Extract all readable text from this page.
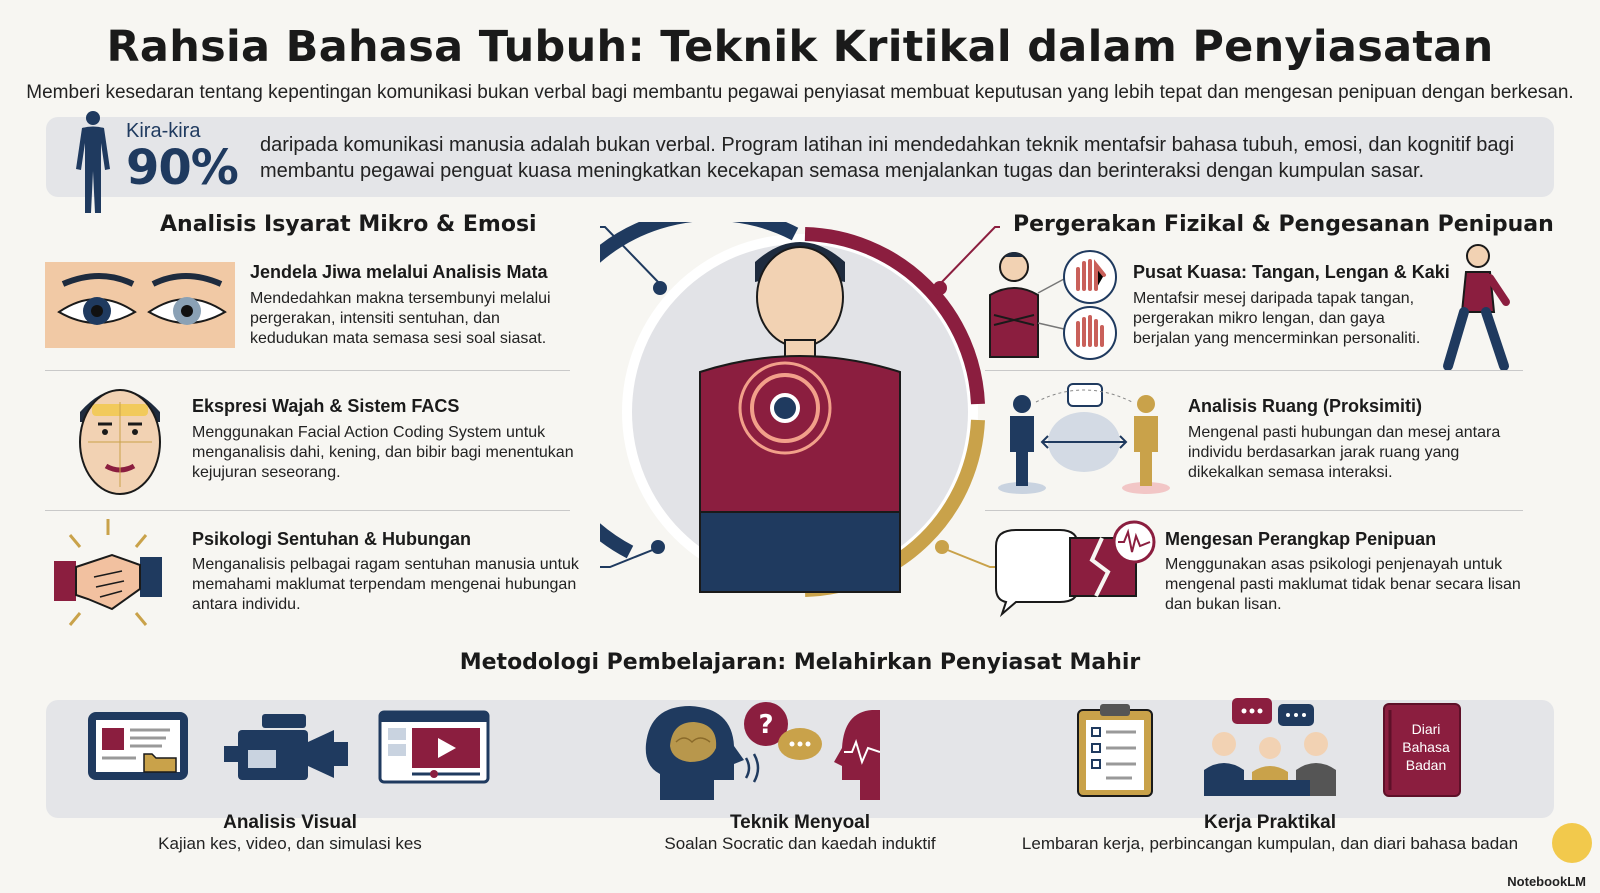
Rahsia Bahasa Tubuh: Teknik Kritikal dalam Penyiasatan
Memberi kesedaran tentang kepentingan komunikasi bukan verbal bagi membantu pegawai penyiasat membuat keputusan yang lebih tepat dan mengesan penipuan dengan berkesan.
Kira-kira
90% daripada komunikasi manusia adalah bukan verbal. Program latihan ini mendedahkan teknik mentafsir bahasa tubuh, emosi, dan kognitif bagi membantu pegawai penguat kuasa meningkatkan kecekapan semasa menjalankan tugas dan berinteraksi dengan kumpulan sasar.
Analisis Isyarat Mikro & Emosi	Pergerakan Fizikal & Pengesanan Penipuan
Jendela Jiwa melalui Analisis Mata
Mendedahkan makna tersembunyi melalui pergerakan, intensiti sentuhan, dan kedudukan mata semasa sesi soal siasat.
Ekspresi Wajah & Sistem FACS
Menggunakan Facial Action Coding System untuk menganalisis dahi, kening, dan bibir bagi menentukan kejujuran seseorang.
Psikologi Sentuhan & Hubungan
Menganalisis pelbagai ragam sentuhan manusia untuk memahami maklumat terpendam mengenai hubungan antara individu.
Pusat Kuasa: Tangan, Lengan & Kaki
Mentafsir mesej daripada tapak tangan, pergerakan mikro lengan, dan gaya berjalan yang mencerminkan personaliti.
Analisis Ruang (Proksimiti)
Mengenal pasti hubungan dan mesej antara individu berdasarkan jarak ruang yang dikekalkan semasa interaksi.
Mengesan Perangkap Penipuan
Menggunakan asas psikologi penjenayah untuk mengenal pasti maklumat tidak benar secara lisan dan bukan lisan.
Metodologi Pembelajaran: Melahirkan Penyiasat Mahir
?	Diari
Bahasa
Badan
Analisis Visual
Kajian kes, video, dan simulasi kes
Teknik Menyoal
Soalan Socratic dan kaedah induktif
Kerja Praktikal
Lembaran kerja, perbincangan kumpulan, dan diari bahasa badan
NotebookLM
